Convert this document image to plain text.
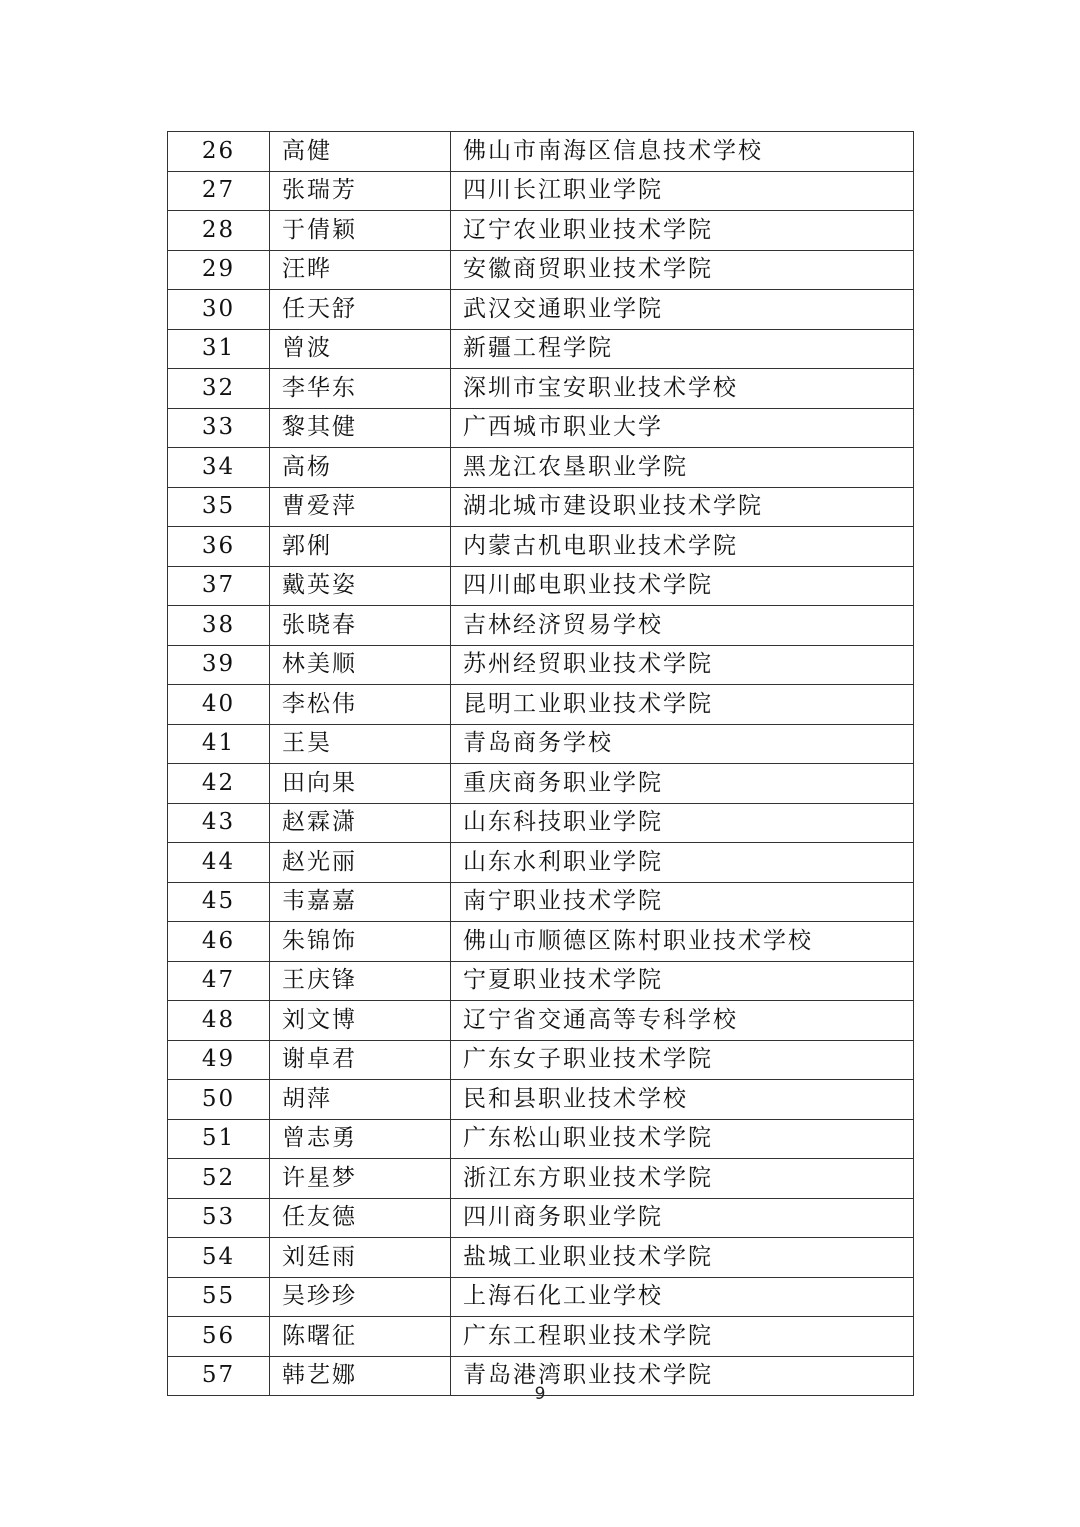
26	高健	佛山市南海区信息技术学校
27	张瑞芳	四川长江职业学院
28	于倩颖	辽宁农业职业技术学院
29	汪晔	安徽商贸职业技术学院
30	任天舒	武汉交通职业学院
31	曾波	新疆工程学院
32	李华东	深圳市宝安职业技术学校
33	黎其健	广西城市职业大学
34	高杨	黑龙江农垦职业学院
35	曹爱萍	湖北城市建设职业技术学院
36	郭俐	内蒙古机电职业技术学院
37	戴英姿	四川邮电职业技术学院
38	张晓春	吉林经济贸易学校
39	林美顺	苏州经贸职业技术学院
40	李松伟	昆明工业职业技术学院
41	王昊	青岛商务学校
42	田向果	重庆商务职业学院
43	赵霖潇	山东科技职业学院
44	赵光丽	山东水利职业学院
45	韦嘉嘉	南宁职业技术学院
46	朱锦饰	佛山市顺德区陈村职业技术学校
47	王庆锋	宁夏职业技术学院
48	刘文博	辽宁省交通高等专科学校
49	谢卓君	广东女子职业技术学院
50	胡萍	民和县职业技术学校
51	曾志勇	广东松山职业技术学院
52	许星梦	浙江东方职业技术学院
53	任友德	四川商务职业学院
54	刘廷雨	盐城工业职业技术学院
55	吴珍珍	上海石化工业学校
56	陈曙征	广东工程职业技术学院
57	韩艺娜	青岛港湾职业技术学院
9
